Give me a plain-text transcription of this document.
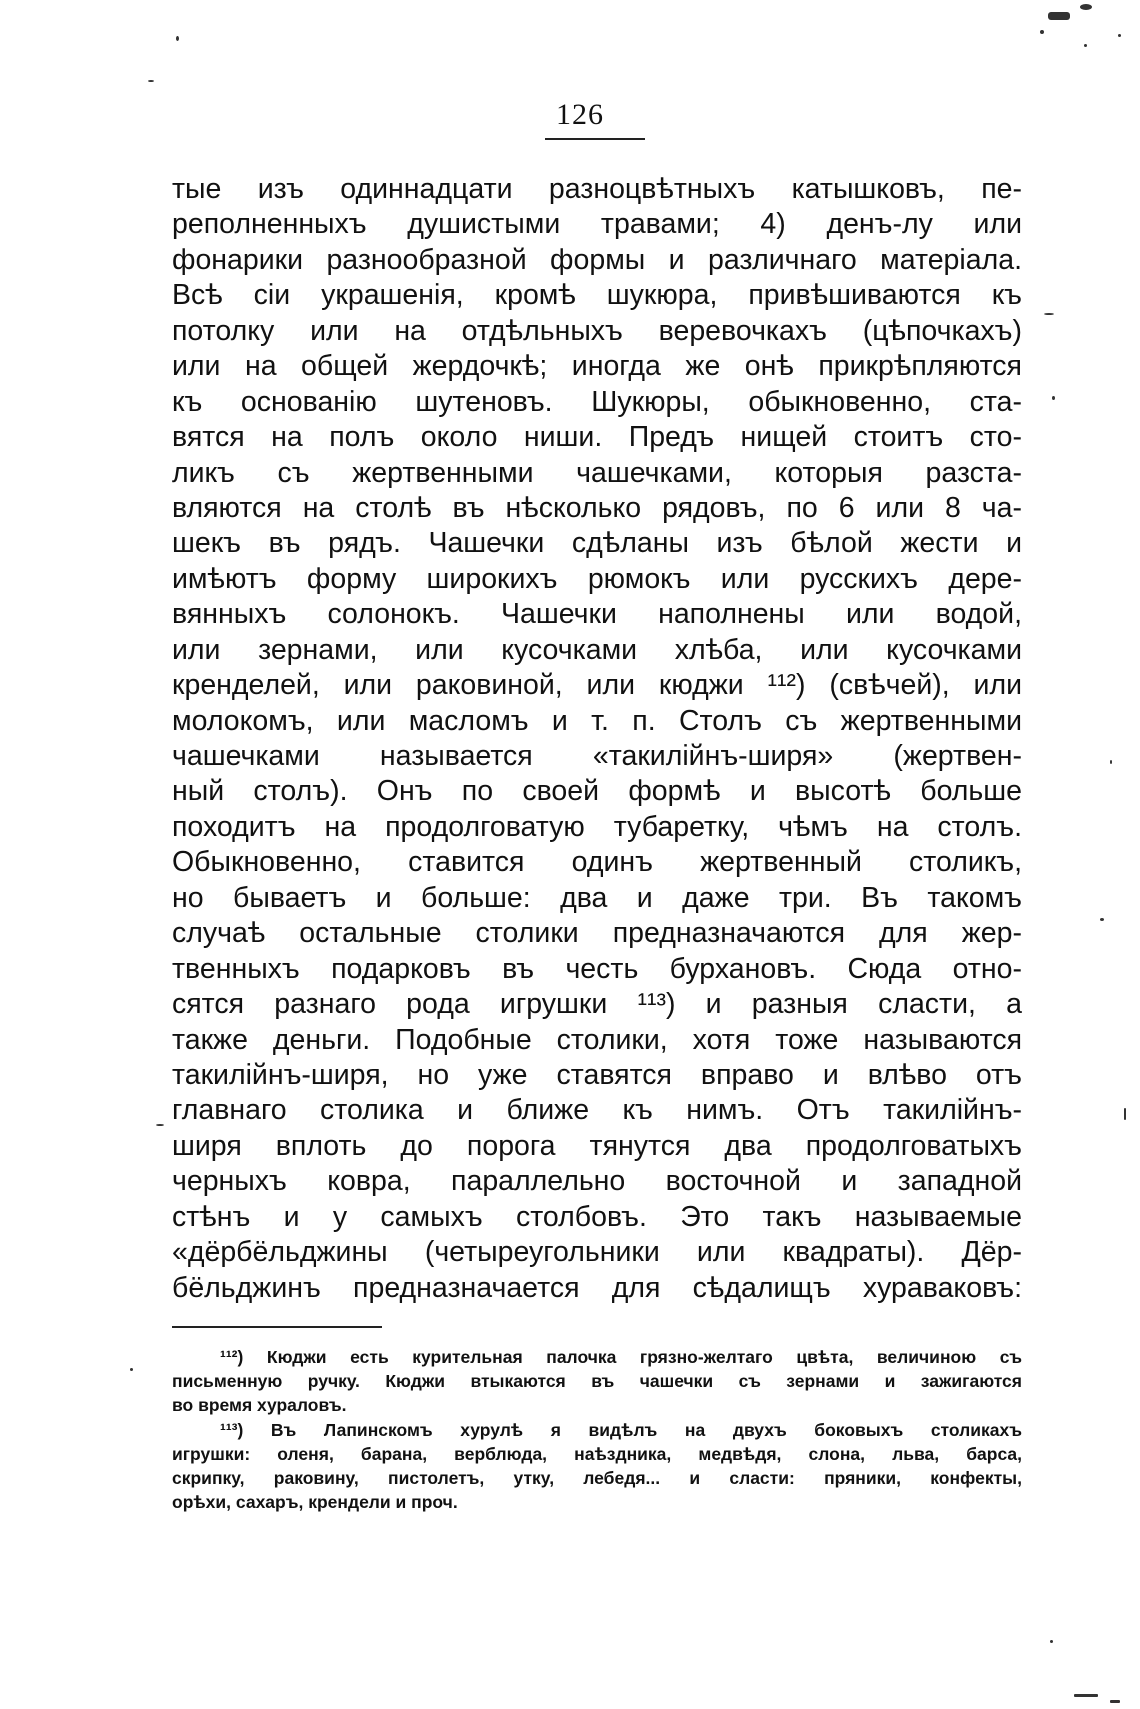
126
тые изъ одиннадцати разноцвѣтныхъ катышковъ, пе-
реполненныхъ душистыми травами; 4) денъ-лу или
фонарики разнообразной формы и различнаго матеріала.
Всѣ сіи украшенія, кромѣ шукюра, привѣшиваются къ
потолку или на отдѣльныхъ веревочкахъ (цѣпочкахъ)
или на общей жердочкѣ; иногда же онѣ прикрѣпляются
къ основанію шутеновъ. Шукюры, обыкновенно, ста-
вятся на полъ около ниши. Предъ нищей стоитъ сто-
ликъ съ жертвенными чашечками, которыя разста-
вляются на столѣ въ нѣсколько рядовъ, по 6 или 8 ча-
шекъ въ рядъ. Чашечки сдѣланы изъ бѣлой жести и
имѣютъ форму широкихъ рюмокъ или русскихъ дере-
вянныхъ солонокъ. Чашечки наполнены или водой,
или зернами, или кусочками хлѣба, или кусочками
кренделей, или раковиной, или кюджи ¹¹²) (свѣчей), или
молокомъ, или масломъ и т. п. Столъ съ жертвенными
чашечками называется «такилійнъ-ширя» (жертвен-
ный столъ). Онъ по своей формѣ и высотѣ больше
походитъ на продолговатую тубаретку, чѣмъ на столъ.
Обыкновенно, ставится одинъ жертвенный столикъ,
но бываетъ и больше: два и даже три. Въ такомъ
случаѣ остальные столики предназначаются для жер-
твенныхъ подарковъ въ честь бурхановъ. Сюда отно-
сятся разнаго рода игрушки ¹¹³) и разныя сласти, а
также деньги. Подобные столики, хотя тоже называются
такилійнъ-ширя, но уже ставятся вправо и влѣво отъ
главнаго столика и ближе къ нимъ. Отъ такилійнъ-
ширя вплоть до порога тянутся два продолговатыхъ
черныхъ ковра, параллельно восточной и западной
стѣнъ и у самыхъ столбовъ. Это такъ называемые
«дёрбёльджины (четыреугольники или квадраты). Дёр-
бёльджинъ предназначается для сѣдалищъ хураваковъ:
¹¹²) Кюджи есть курительная палочка грязно-желтаго цвѣта, величиною съ
письменную ручку. Кюджи втыкаются въ чашечки съ зернами и зажигаются
во время хураловъ.
¹¹³) Въ Лапинскомъ хурулѣ я видѣлъ на двухъ боковыхъ столикахъ
игрушки: оленя, барана, верблюда, наѣздника, медвѣдя, слона, льва, барса,
скрипку, раковину, пистолетъ, утку, лебедя... и сласти: пряники, конфекты,
орѣхи, сахаръ, крендели и проч.
